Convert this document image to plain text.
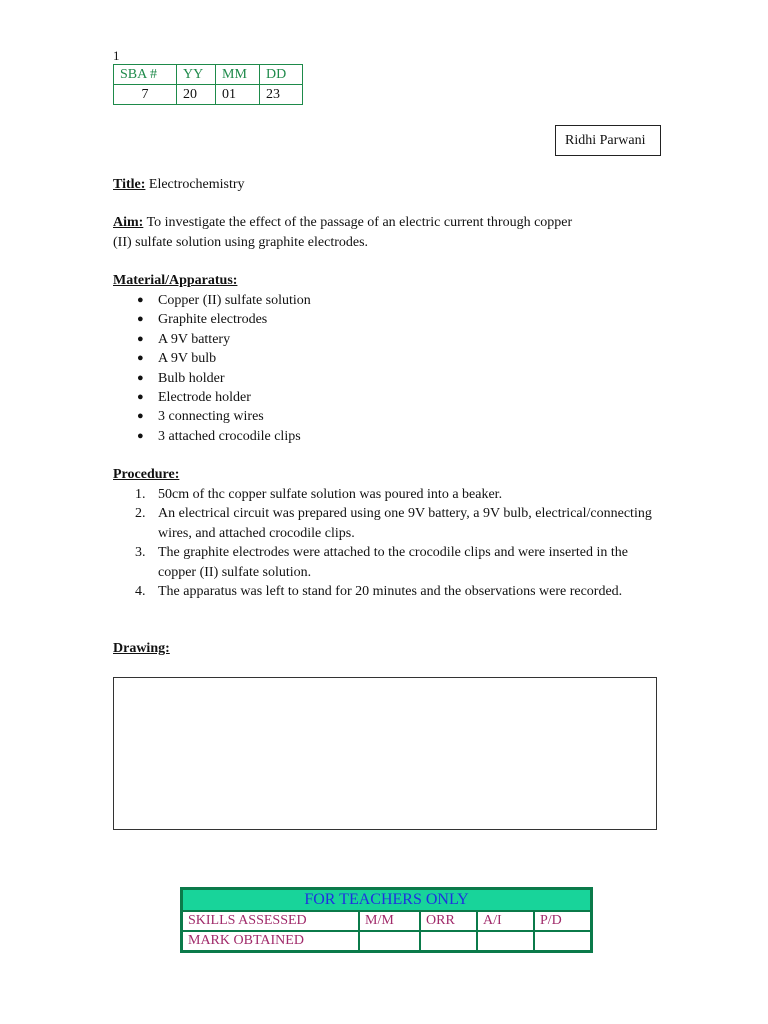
1
SBA #	YY	MM	DD
7	20	01	23
Ridhi Parwani
Title: Electrochemistry
Aim: To investigate the effect of the passage of an electric current through copper
(II) sulfate solution using graphite electrodes.
Material/Apparatus:
● Copper (II) sulfate solution
● Graphite electrodes
● A 9V battery
● A 9V bulb
● Bulb holder
● Electrode holder
● 3 connecting wires
● 3 attached crocodile clips
Procedure:
1. 50cm of thc copper sulfate solution was poured into a beaker.
2. An electrical circuit was prepared using one 9V battery, a 9V bulb, electrical/connecting wires, and attached crocodile clips.
3. The graphite electrodes were attached to the crocodile clips and were inserted in the copper (II) sulfate solution.
4. The apparatus was left to stand for 20 minutes and the observations were recorded.
Drawing:
FOR TEACHERS ONLY				
SKILLS ASSESSED	M/M	ORR	A/I	P/D
MARK OBTAINED				
